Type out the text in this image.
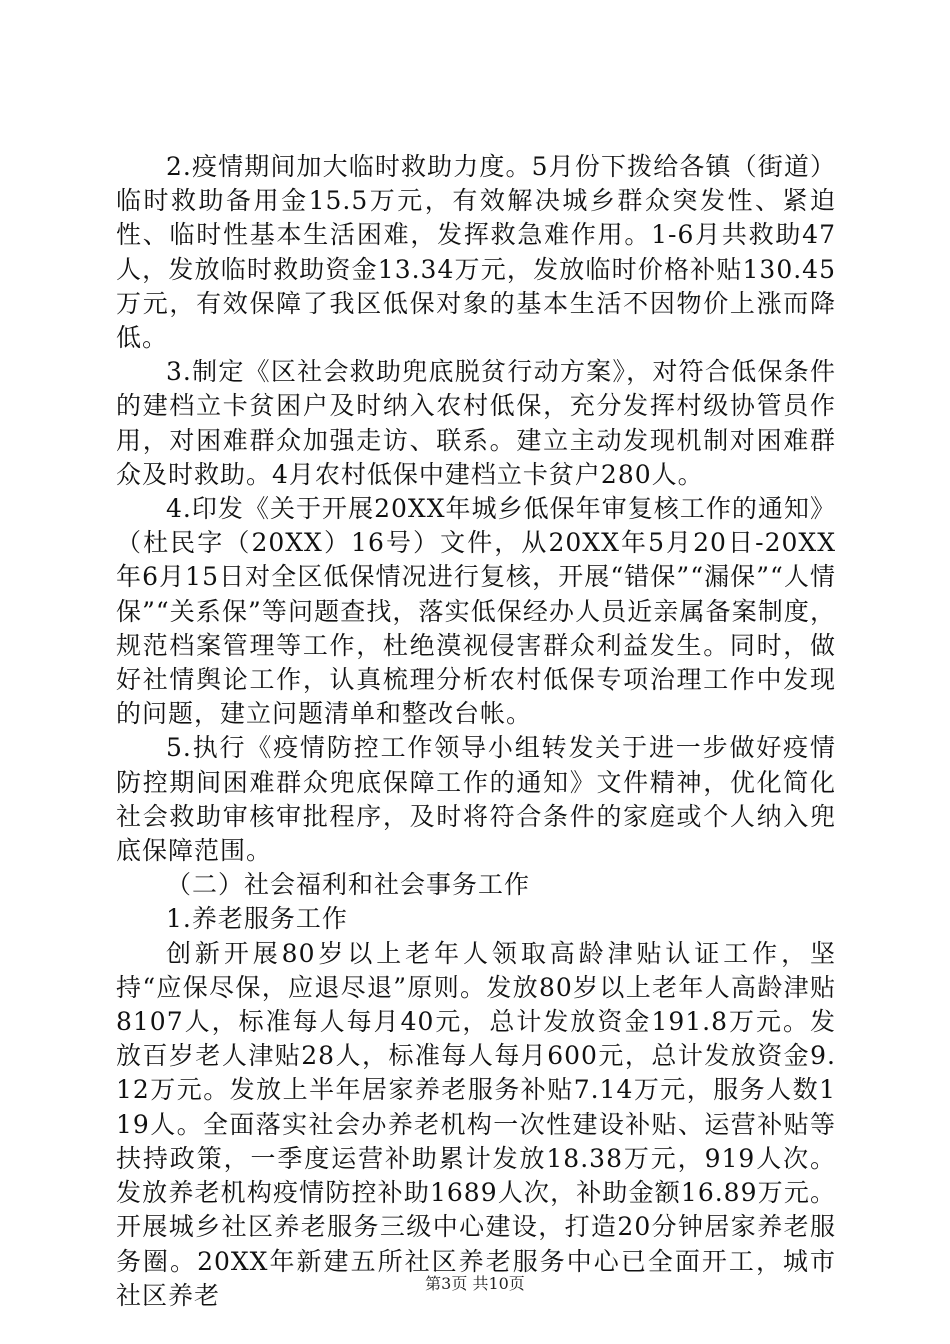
2.疫情期间加大临时救助力度。5月份下拨给各镇（街道）临时救助备用金15.5万元，有效解决城乡群众突发性、紧迫性、临时性基本生活困难，发挥救急难作用。1-6月共救助47人，发放临时救助资金13.34万元，发放临时价格补贴130.45万元，有效保障了我区低保对象的基本生活不因物价上涨而降低。

3.制定《区社会救助兜底脱贫行动方案》，对符合低保条件的建档立卡贫困户及时纳入农村低保，充分发挥村级协管员作用，对困难群众加强走访、联系。建立主动发现机制对困难群众及时救助。4月农村低保中建档立卡贫户280人。

4.印发《关于开展20XX年城乡低保年审复核工作的通知》（杜民字（20XX）16号）文件，从20XX年5月20日-20XX年6月15日对全区低保情况进行复核，开展“错保”“漏保”“人情保”“关系保”等问题查找，落实低保经办人员近亲属备案制度，规范档案管理等工作，杜绝漠视侵害群众利益发生。同时，做好社情舆论工作，认真梳理分析农村低保专项治理工作中发现的问题，建立问题清单和整改台帐。

5.执行《疫情防控工作领导小组转发关于进一步做好疫情防控期间困难群众兜底保障工作的通知》文件精神，优化简化社会救助审核审批程序，及时将符合条件的家庭或个人纳入兜底保障范围。

（二）社会福利和社会事务工作

1.养老服务工作

创新开展80岁以上老年人领取高龄津贴认证工作，坚持“应保尽保，应退尽退”原则。发放80岁以上老年人高龄津贴8107人，标准每人每月40元，总计发放资金191.8万元。发放百岁老人津贴28人，标准每人每月600元，总计发放资金9.12万元。发放上半年居家养老服务补贴7.14万元，服务人数119人。全面落实社会办养老机构一次性建设补贴、运营补贴等扶持政策，一季度运营补助累计发放18.38万元，919人次。发放养老机构疫情防控补助1689人次，补助金额16.89万元。开展城乡社区养老服务三级中心建设，打造20分钟居家养老服务圈。20XX年新建五所社区养老服务中心已全面开工，城市社区养老	第3页 共10页
